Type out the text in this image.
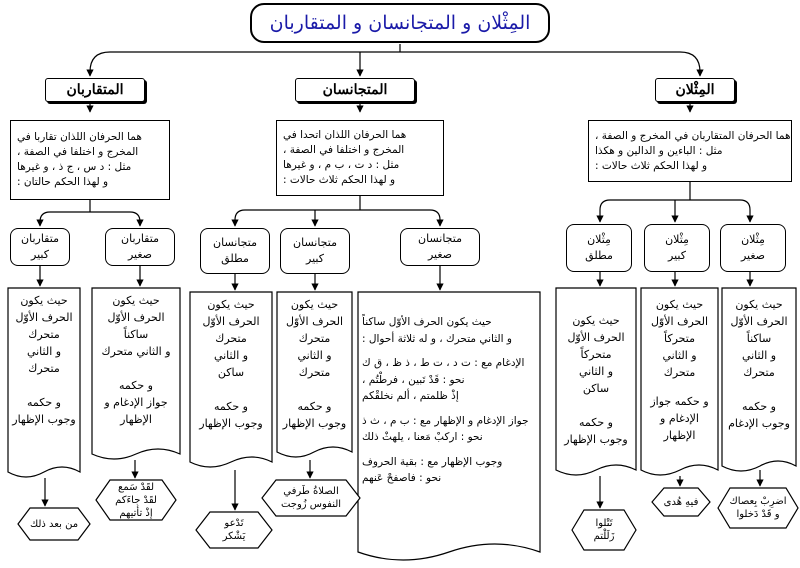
المِثْلان و المتجانسان و المتقاربان
المتقاربان	المتجانسان	المِثْلان
هما الحرفان اللذان تقاربا في
المخرج و اختلفا في الصفة ،
مثل : د س ، ج ذ ، و غيرها
و لهذا الحكم حالتان :
هما الحرفان اللذان اتحدا في
المخرج و اختلفا في الصفة ،
مثل : د ت ، ب م ، و غيرها
و لهذا الحكم ثلاث حالات :
هما الحرفان المتقاربان في المخرج و الصفة ،
مثل : الباءين و الدالين و هكذا
و لهذا الحكم ثلاث حالات :
متقاربان
كبير
متقاربان
صغير
متجانسان
مطلق
متجانسان
كبير
متجانسان
صغير
مِثْلان
مطلق
مِثْلان
كبير
مِثْلان
صغير
حيث يكون
الحرف الأوّل
متحرك
و الثاني
متحرك
و حكمه
وجوب الإظهار
حيث يكون
الحرف الأوّل
ساكناً
و الثاني متحرك
و حكمه
جواز الإدغام و
الإظهار
حيث يكون
الحرف الأوّل
متحرك
و الثاني
ساكن
و حكمه
وجوب الإظهار
حيث يكون
الحرف الأوّل
متحرك
و الثاني
متحرك
و حكمه
وجوب الإظهار
حيث يكون الحرف الأوّل ساكناً
و الثاني متحرك ، و له ثلاثة أحوال :
الإدغام مع : ت د ، ت ط ، ذ ظ ، ق ك
نحو : قَدْ تَبين ، فرطْتُم ،
إذْ ظلمتم ، ألم نخلقْكم
جواز الإدغام و الإظهار مع : ب م ، ث ذ
نحو : اركبْ مَعنا ، يلهثْ ذلك
وجوب الإظهار مع : بقية الحروف
نحو : فاصفحْ عَنهم
حيث يكون
الحرف الأوّل
متحركاً
و الثاني
ساكن
و حكمه
وجوب الإظهار
حيث يكون
الحرف الأوّل
متحركاً
و الثاني
متحرك
و حكمه جواز
الإدغام و
الإظهار
حيث يكون
الحرف الأوّل
ساكناً
و الثاني
متحرك
و حكمه
وجوب الإدغام
من بعد ذلك
لقَدْ سَمع
لقَدْ جاءَكم
إذْ تأتيهم
تَدْعو
يَشْكر
الصلاةُ طَرفي
النفوس زُوجت
تَتْلوا
زَلَلْتم
فيهِ هُدى	اضرِبْ بِعصاك
و قَدْ دَخلوا
